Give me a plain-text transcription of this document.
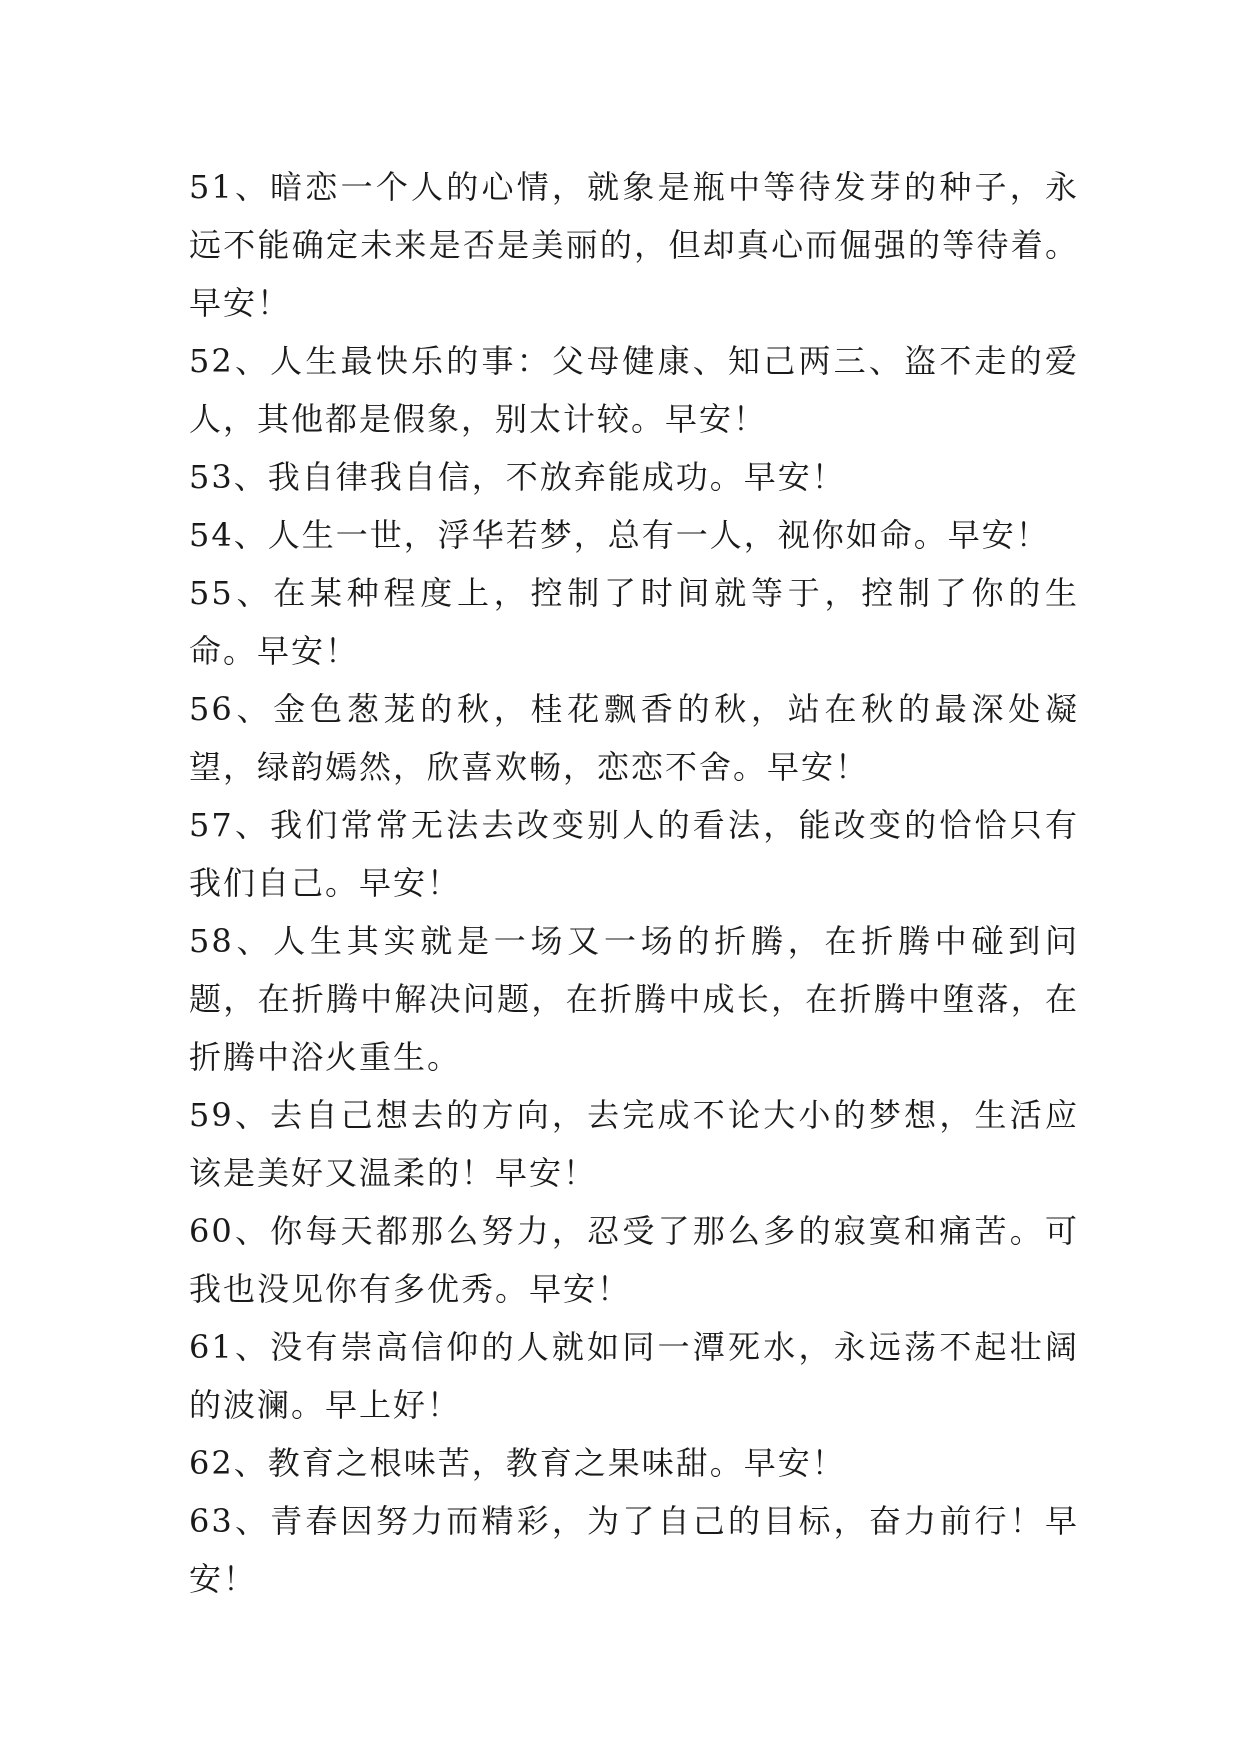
51、暗恋一个人的心情，就象是瓶中等待发芽的种子，永远不能确定未来是否是美丽的，但却真心而倔强的等待着。早安！

52、人生最快乐的事：父母健康、知己两三、盗不走的爱人，其他都是假象，别太计较。早安！

53、我自律我自信，不放弃能成功。早安！

54、人生一世，浮华若梦，总有一人，视你如命。早安！

55、在某种程度上，控制了时间就等于，控制了你的生命。早安！

56、金色葱茏的秋，桂花飘香的秋，站在秋的最深处凝望，绿韵嫣然，欣喜欢畅，恋恋不舍。早安！

57、我们常常无法去改变别人的看法，能改变的恰恰只有我们自己。早安！

58、人生其实就是一场又一场的折腾，在折腾中碰到问题，在折腾中解决问题，在折腾中成长，在折腾中堕落，在折腾中浴火重生。

59、去自己想去的方向，去完成不论大小的梦想，生活应该是美好又温柔的！早安！

60、你每天都那么努力，忍受了那么多的寂寞和痛苦。可我也没见你有多优秀。早安！

61、没有崇高信仰的人就如同一潭死水，永远荡不起壮阔的波澜。早上好！

62、教育之根味苦，教育之果味甜。早安！

63、青春因努力而精彩，为了自己的目标，奋力前行！早安！
